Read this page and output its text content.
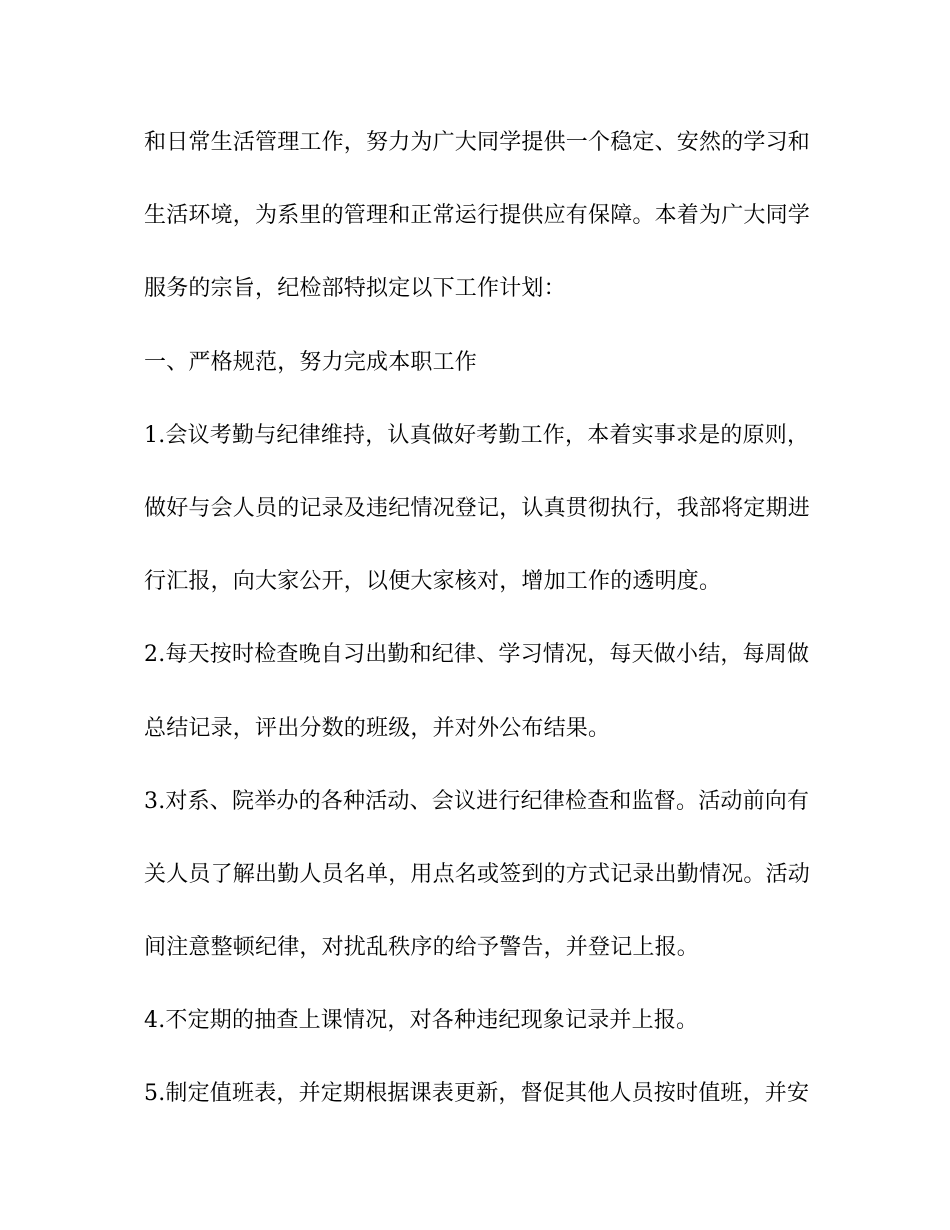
和日常生活管理工作，努力为广大同学提供一个稳定、安然的学习和
生活环境，为系里的管理和正常运行提供应有保障。本着为广大同学
服务的宗旨，纪检部特拟定以下工作计划：
一、严格规范，努力完成本职工作
1.会议考勤与纪律维持，认真做好考勤工作，本着实事求是的原则，
做好与会人员的记录及违纪情况登记，认真贯彻执行，我部将定期进
行汇报，向大家公开，以便大家核对，增加工作的透明度。
2.每天按时检查晚自习出勤和纪律、学习情况，每天做小结，每周做
总结记录，评出分数的班级，并对外公布结果。
3.对系、院举办的各种活动、会议进行纪律检查和监督。活动前向有
关人员了解出勤人员名单，用点名或签到的方式记录出勤情况。活动
间注意整顿纪律，对扰乱秩序的给予警告，并登记上报。
4.不定期的抽查上课情况，对各种违纪现象记录并上报。
5.制定值班表，并定期根据课表更新，督促其他人员按时值班，并安
